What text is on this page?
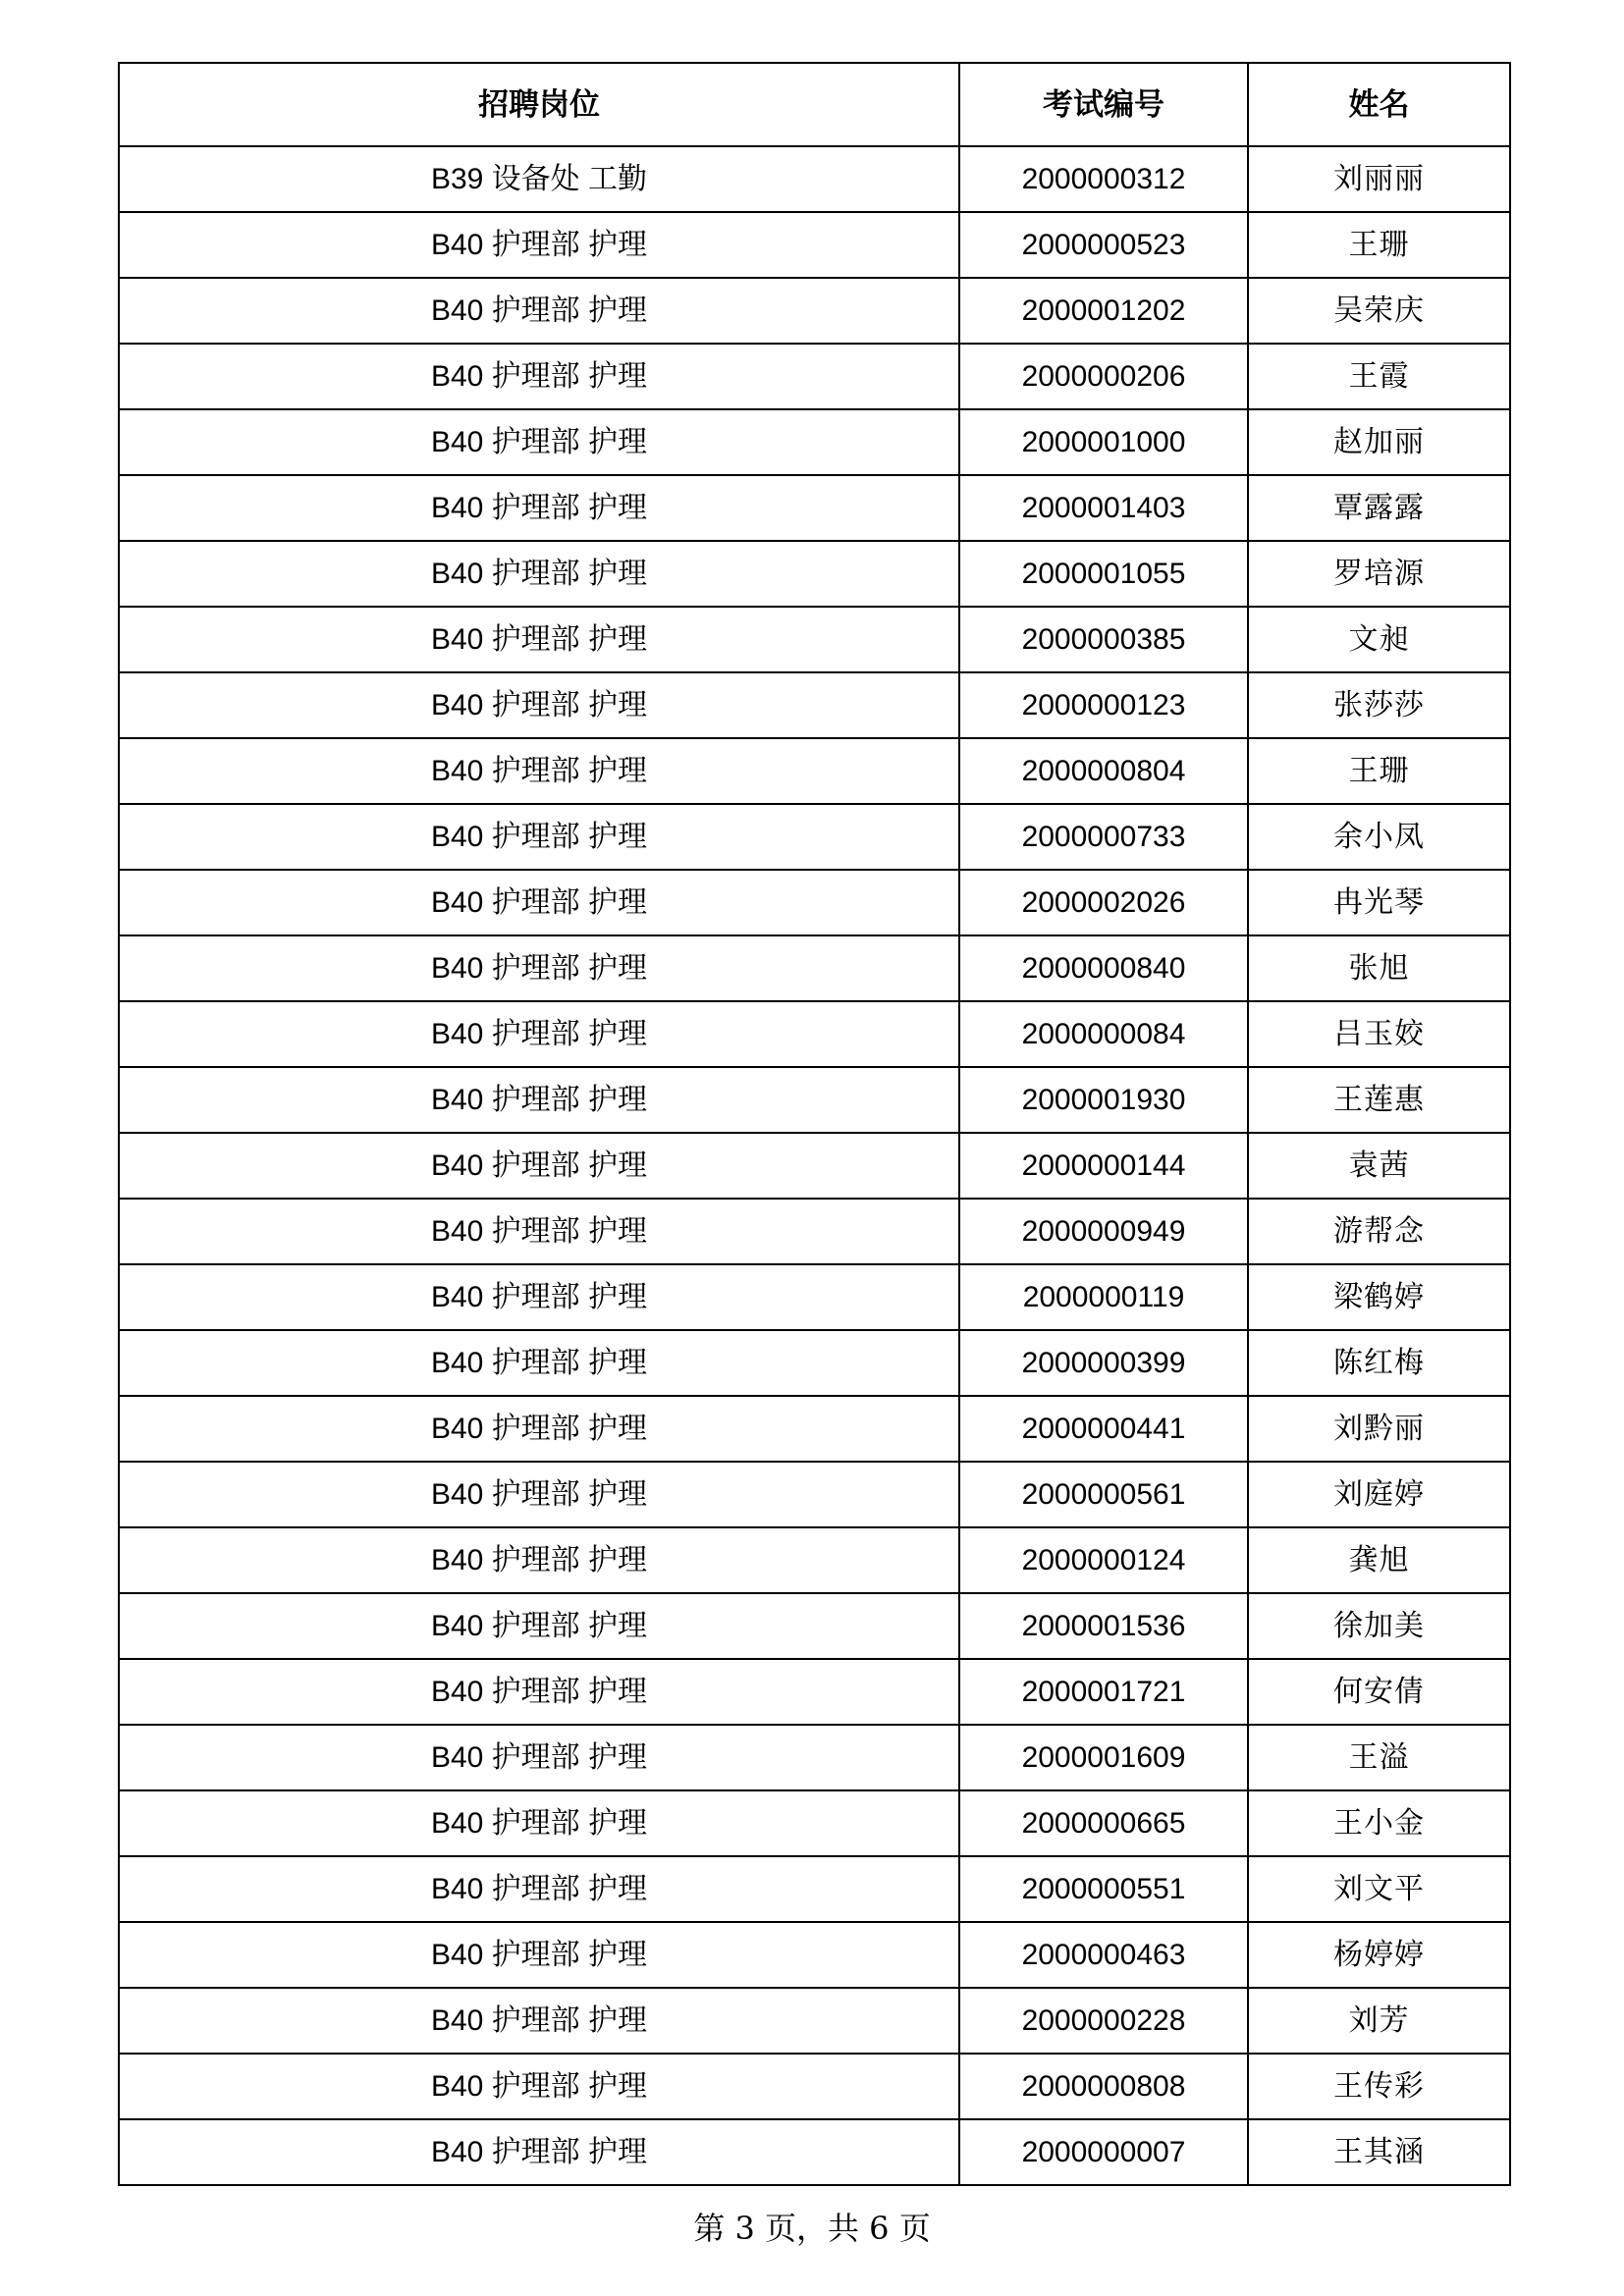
招聘岗位	考试编号	姓名
B39 设备处 工勤	2000000312	刘丽丽
B40 护理部 护理	2000000523	王珊
B40 护理部 护理	2000001202	吴荣庆
B40 护理部 护理	2000000206	王霞
B40 护理部 护理	2000001000	赵加丽
B40 护理部 护理	2000001403	覃露露
B40 护理部 护理	2000001055	罗培源
B40 护理部 护理	2000000385	文昶
B40 护理部 护理	2000000123	张莎莎
B40 护理部 护理	2000000804	王珊
B40 护理部 护理	2000000733	余小凤
B40 护理部 护理	2000002026	冉光琴
B40 护理部 护理	2000000840	张旭
B40 护理部 护理	2000000084	吕玉姣
B40 护理部 护理	2000001930	王莲惠
B40 护理部 护理	2000000144	袁茜
B40 护理部 护理	2000000949	游帮念
B40 护理部 护理	2000000119	梁鹤婷
B40 护理部 护理	2000000399	陈红梅
B40 护理部 护理	2000000441	刘黔丽
B40 护理部 护理	2000000561	刘庭婷
B40 护理部 护理	2000000124	龚旭
B40 护理部 护理	2000001536	徐加美
B40 护理部 护理	2000001721	何安倩
B40 护理部 护理	2000001609	王溢
B40 护理部 护理	2000000665	王小金
B40 护理部 护理	2000000551	刘文平
B40 护理部 护理	2000000463	杨婷婷
B40 护理部 护理	2000000228	刘芳
B40 护理部 护理	2000000808	王传彩
B40 护理部 护理	2000000007	王其涵
第 3 页，共 6 页
